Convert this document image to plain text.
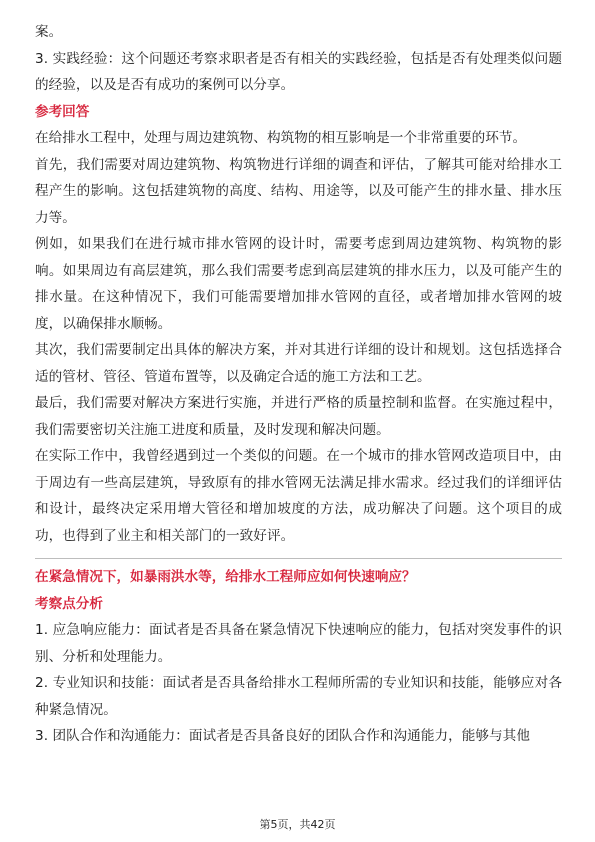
案。

3. 实践经验：这个问题还考察求职者是否有相关的实践经验，包括是否有处理类似问题的经验，以及是否有成功的案例可以分享。

参考回答

在给排水工程中，处理与周边建筑物、构筑物的相互影响是一个非常重要的环节。

首先，我们需要对周边建筑物、构筑物进行详细的调查和评估，了解其可能对给排水工程产生的影响。这包括建筑物的高度、结构、用途等，以及可能产生的排水量、排水压力等。

例如，如果我们在进行城市排水管网的设计时，需要考虑到周边建筑物、构筑物的影响。如果周边有高层建筑，那么我们需要考虑到高层建筑的排水压力，以及可能产生的排水量。在这种情况下，我们可能需要增加排水管网的直径，或者增加排水管网的坡度，以确保排水顺畅。

其次，我们需要制定出具体的解决方案，并对其进行详细的设计和规划。这包括选择合适的管材、管径、管道布置等，以及确定合适的施工方法和工艺。

最后，我们需要对解决方案进行实施，并进行严格的质量控制和监督。在实施过程中，我们需要密切关注施工进度和质量，及时发现和解决问题。

在实际工作中，我曾经遇到过一个类似的问题。在一个城市的排水管网改造项目中，由于周边有一些高层建筑，导致原有的排水管网无法满足排水需求。经过我们的详细评估和设计，最终决定采用增大管径和增加坡度的方法，成功解决了问题。这个项目的成功，也得到了业主和相关部门的一致好评。

在紧急情况下，如暴雨洪水等，给排水工程师应如何快速响应？

考察点分析

1. 应急响应能力：面试者是否具备在紧急情况下快速响应的能力，包括对突发事件的识别、分析和处理能力。

2. 专业知识和技能：面试者是否具备给排水工程师所需的专业知识和技能，能够应对各种紧急情况。

3. 团队合作和沟通能力：面试者是否具备良好的团队合作和沟通能力，能够与其他

第5页，共42页
